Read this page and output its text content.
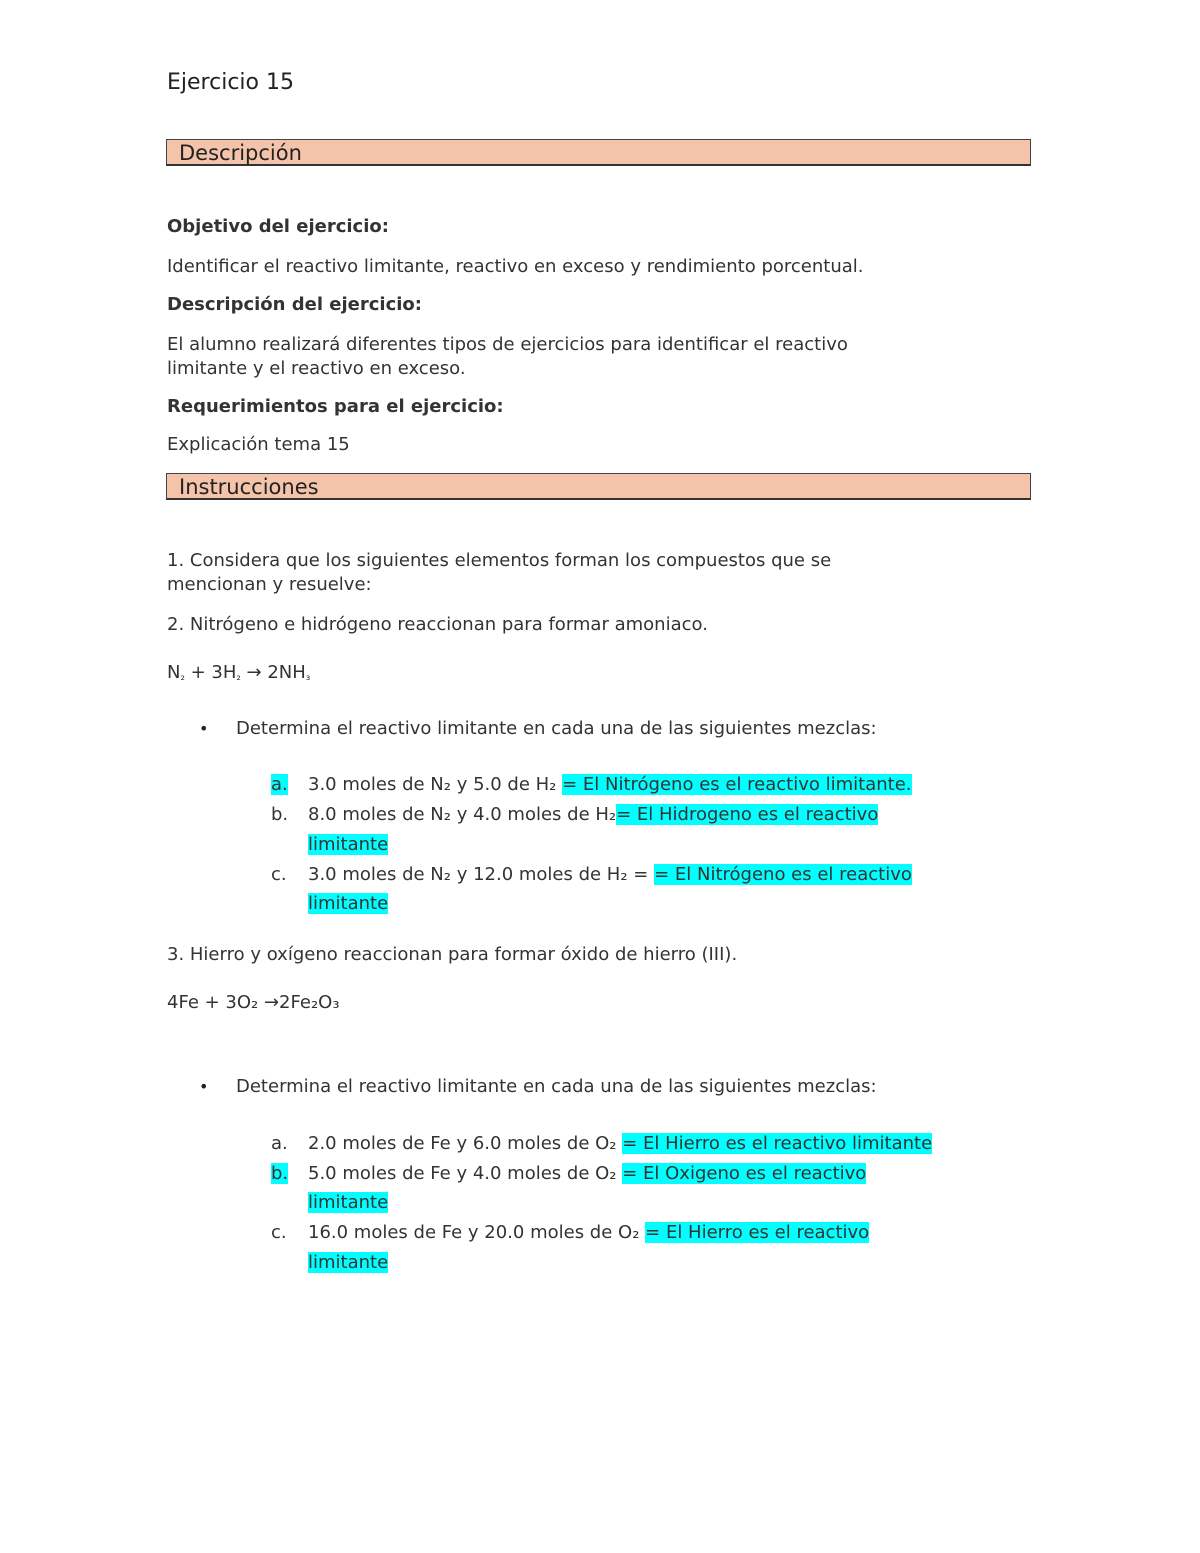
Ejercicio 15
Descripción
Objetivo del ejercicio:
Identificar el reactivo limitante, reactivo en exceso y rendimiento porcentual.
Descripción del ejercicio:
El alumno realizará diferentes tipos de ejercicios para identificar el reactivo
limitante y el reactivo en exceso.
Requerimientos para el ejercicio:
Explicación tema 15
Instrucciones
1. Considera que los siguientes elementos forman los compuestos que se
mencionan y resuelve:
2. Nitrógeno e hidrógeno reaccionan para formar amoniaco.
N₂ + 3H₂ → 2NH₃
• Determina el reactivo limitante en cada una de las siguientes mezclas:
a. 3.0 moles de N₂ y 5.0 de H₂ = El Nitrógeno es el reactivo limitante.
b. 8.0 moles de N₂ y 4.0 moles de H₂= El Hidrogeno es el reactivo
limitante
c. 3.0 moles de N₂ y 12.0 moles de H₂ = = El Nitrógeno es el reactivo
limitante
3. Hierro y oxígeno reaccionan para formar óxido de hierro (III).
4Fe + 3O₂ →2Fe₂O₃
• Determina el reactivo limitante en cada una de las siguientes mezclas:
a. 2.0 moles de Fe y 6.0 moles de O₂ = El Hierro es el reactivo limitante
b. 5.0 moles de Fe y 4.0 moles de O₂ = El Oxigeno es el reactivo
limitante
c. 16.0 moles de Fe y 20.0 moles de O₂ = El Hierro es el reactivo
limitante
